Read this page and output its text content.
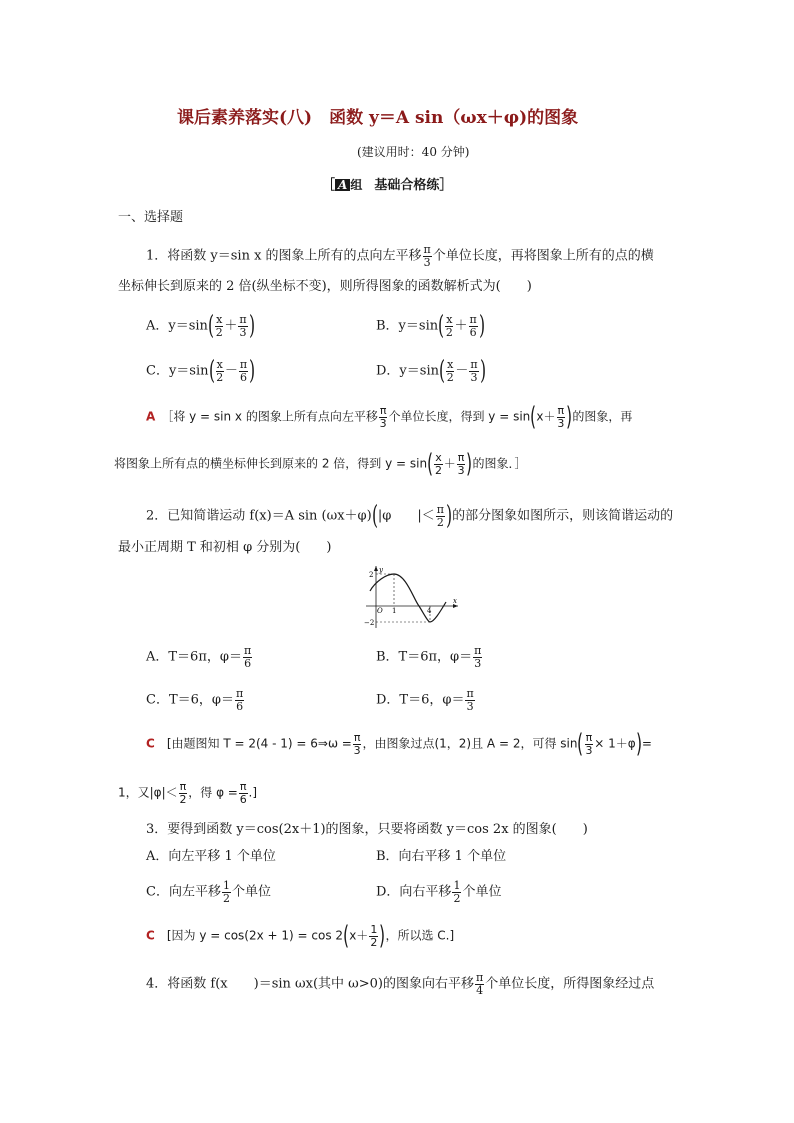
课后素养落实(八)　函数 y＝A sin（ωx＋φ)的图象
(建议用时：40 分钟)
［ A 组　基础合格练］
一、选择题
1．将函数 y＝sin x 的图象上所有的点向左平移 $\frac{\pi}{3}$ 个单位长度，再将图象上所有的点的横
坐标伸长到原来的 2 倍(纵坐标不变)，则所得图象的函数解析式为(　　)
A．$y=\sin( \frac{x}{2} + \frac{\pi}{3}$ )	B．$y=\sin( \frac{x}{2} + \frac{\pi}{6}$ )
C．$y=\sin( \frac{x}{2} - \frac{\pi}{6}$ )	D．$y=\sin( \frac{x}{2} - \frac{\pi}{3}$ )
A　 ［将 y = sin x 的图象上所有点向左平移 $\frac{\pi}{3}$ 个单位长度，得到 $y = \sin(x+ \frac{\pi}{3}$ )的图象，再
将图象上所有点的横坐标伸长到原来的 2 倍，得到 $y = \sin( \frac{x}{2} + \frac{\pi}{3}$ )的图象．］
2．已知简谐运动 f(x)＝A sin (ωx＋φ)(|φ　　|＜ $\frac{\pi}{2}$ )的部分图象如图所示，则该简谐运动的
最小正周期 T 和初相 φ 分别为(　　)
y
x
2
−2
O 1	4
A．T＝6π，$\varphi= \frac{\pi}{6}$	B．T＝6π，$\varphi= \frac{\pi}{3}$
C．T＝6，$\varphi= \frac{\pi}{6}$	D．T＝6，$\varphi= \frac{\pi}{3}$
C　 [由题图知 T = 2(4 - 1) = 6⇒ω = $\frac{\pi}{3}$ ，由图象过点(1，2)且 A = 2，可得 $\sin( \frac{\pi}{3} \times 1+\varphi)=$
1，又$|\varphi|< \frac{\pi}{2}$ ，得 $\varphi = \frac{\pi}{6}$ .]
3．要得到函数 y＝cos(2x＋1)的图象，只要将函数 y＝cos 2x 的图象(　　)
A．向左平移 1 个单位	B．向右平移 1 个单位
C．向左平移 $\frac{1}{2}$ 个单位	D．向右平移 $\frac{1}{2}$ 个单位
C　 [因为 $y = \cos(2x + 1) = \cos 2(x+ \frac{1}{2}$ )，所以选 C.]
4．将函数 f(x　　)＝sin ωx(其中 ω>0)的图象向右平移 $\frac{\pi}{4}$ 个单位长度，所得图象经过点
